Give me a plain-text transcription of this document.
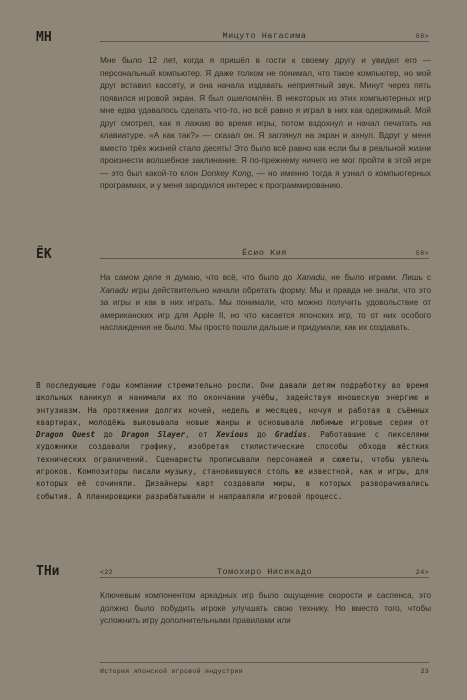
МН	Мицуто Нагасима	68>

Мне было 12 лет, когда я пришёл в гости к своему другу и увидел его — персональный компьютер. Я даже толком не понимал, что такое компьютер, но мой друг вставил кассету, и она начала издавать неприятный звук. Минут через пять появился игровой экран. Я был ошеломлён. В некоторых из этих компьютерных игр мне едва удавалось сделать что-то, но всё равно я играл в них как одержимый. Мой друг смотрел, как я лажаю во время игры, потом вздохнул и начал печатать на клавиатуре. «А как так?» — сказал он. Я заглянул на экран и ахнул. Вдруг у меня вместо трёх жизней стало десять! Это было всё равно как если бы в реальной жизни произнести волшебное заклинание. Я по-прежнему ничего не мог пройти в этой игре — это был какой-то клон Donkey Kong, — но именно тогда я узнал о компьютерных программах, и у меня зародился интерес к программированию.

ЁК	Ёсио Кия	58>

На самом деле я думаю, что всё, что было до Xanadu, не было играми. Лишь с Xanadu игры действительно начали обретать форму. Мы и правда не знали, что это за игры и как в них играть. Мы понимали, что можно получить удовольствие от американских игр для Apple II, но что касается японских игр, то от них особого наслаждения не было. Мы просто пошли дальше и придумали, как их создавать.

В последующие годы компании стремительно росли. Они давали детям подработку во время школьных каникул и нанимали их по окончании учёбы, задействуя юношескую энергию и энтузиазм. На протяжении долгих ночей, недель и месяцев, ночуя и работая в съёмных квартирах, молодёжь выковывала новые жанры и основывала любимые игровые серии от Dragon Quest до Dragon Slayer, от Xevious до Gradius. Работавшие с пикселями художники создавали графику, изобретая стилистические способы обхода жёстких технических ограничений. Сценаристы прописывали персонажей и сюжеты, чтобы увлечь игроков. Композиторы писали музыку, становившуюся столь же известной, как и игры, для которых её сочиняли. Дизайнеры карт создавали миры, в которых разворачивались события. А планировщики разрабатывали и направляли игровой процесс.

ТНи	<22	Томохиро Нисикадо	24>

Ключевым компонентом аркадных игр было ощущение скорости и саспенса, это должно было побудить игроке улучшать свою технику. Но вместо того, чтобы усложнить игру дополнительными правилами или

История японской игровой индустрии	23
